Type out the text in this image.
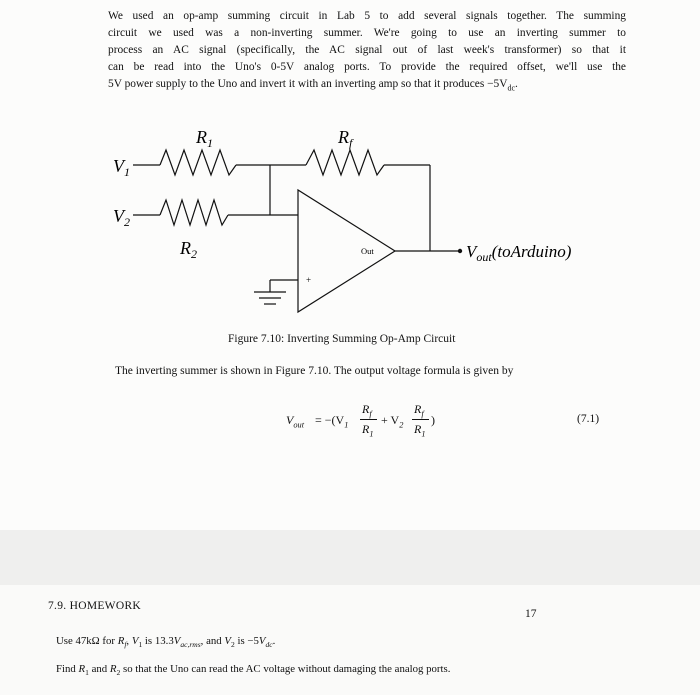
We used an op-amp summing circuit in Lab 5 to add several signals together. The summing
circuit we used was a non-inverting summer. We're going to use an inverting summer to
process an AC signal (specifically, the AC signal out of last week's transformer) so that it
can be read into the Uno's 0-5V analog ports. To provide the required offset, we'll use the
5V power supply to the Uno and invert it with an inverting amp so that it produces $-5V_{dc}$.
$R_1$	$R_f$
$V_1$
$V_2$
$R_2$	Out
+
$V_{out}(toArduino)$
Figure 7.10: Inverting Summing Op-Amp Circuit
The inverting summer is shown in Figure 7.10. The output voltage formula is given by
$V_{out} = -(V_1$
$R_f$
$R_1$
+ $V_2$
$R_f$
$R_1$
)	(7.1)
7.9. HOMEWORK
17
Use 47kΩ for $R_f$, $V_1$ is $13.3V_{ac,rms}$, and $V_2$ is $-5V_{dc}$.
Find $R_1$ and $R_2$ so that the Uno can read the AC voltage without damaging the analog ports.
